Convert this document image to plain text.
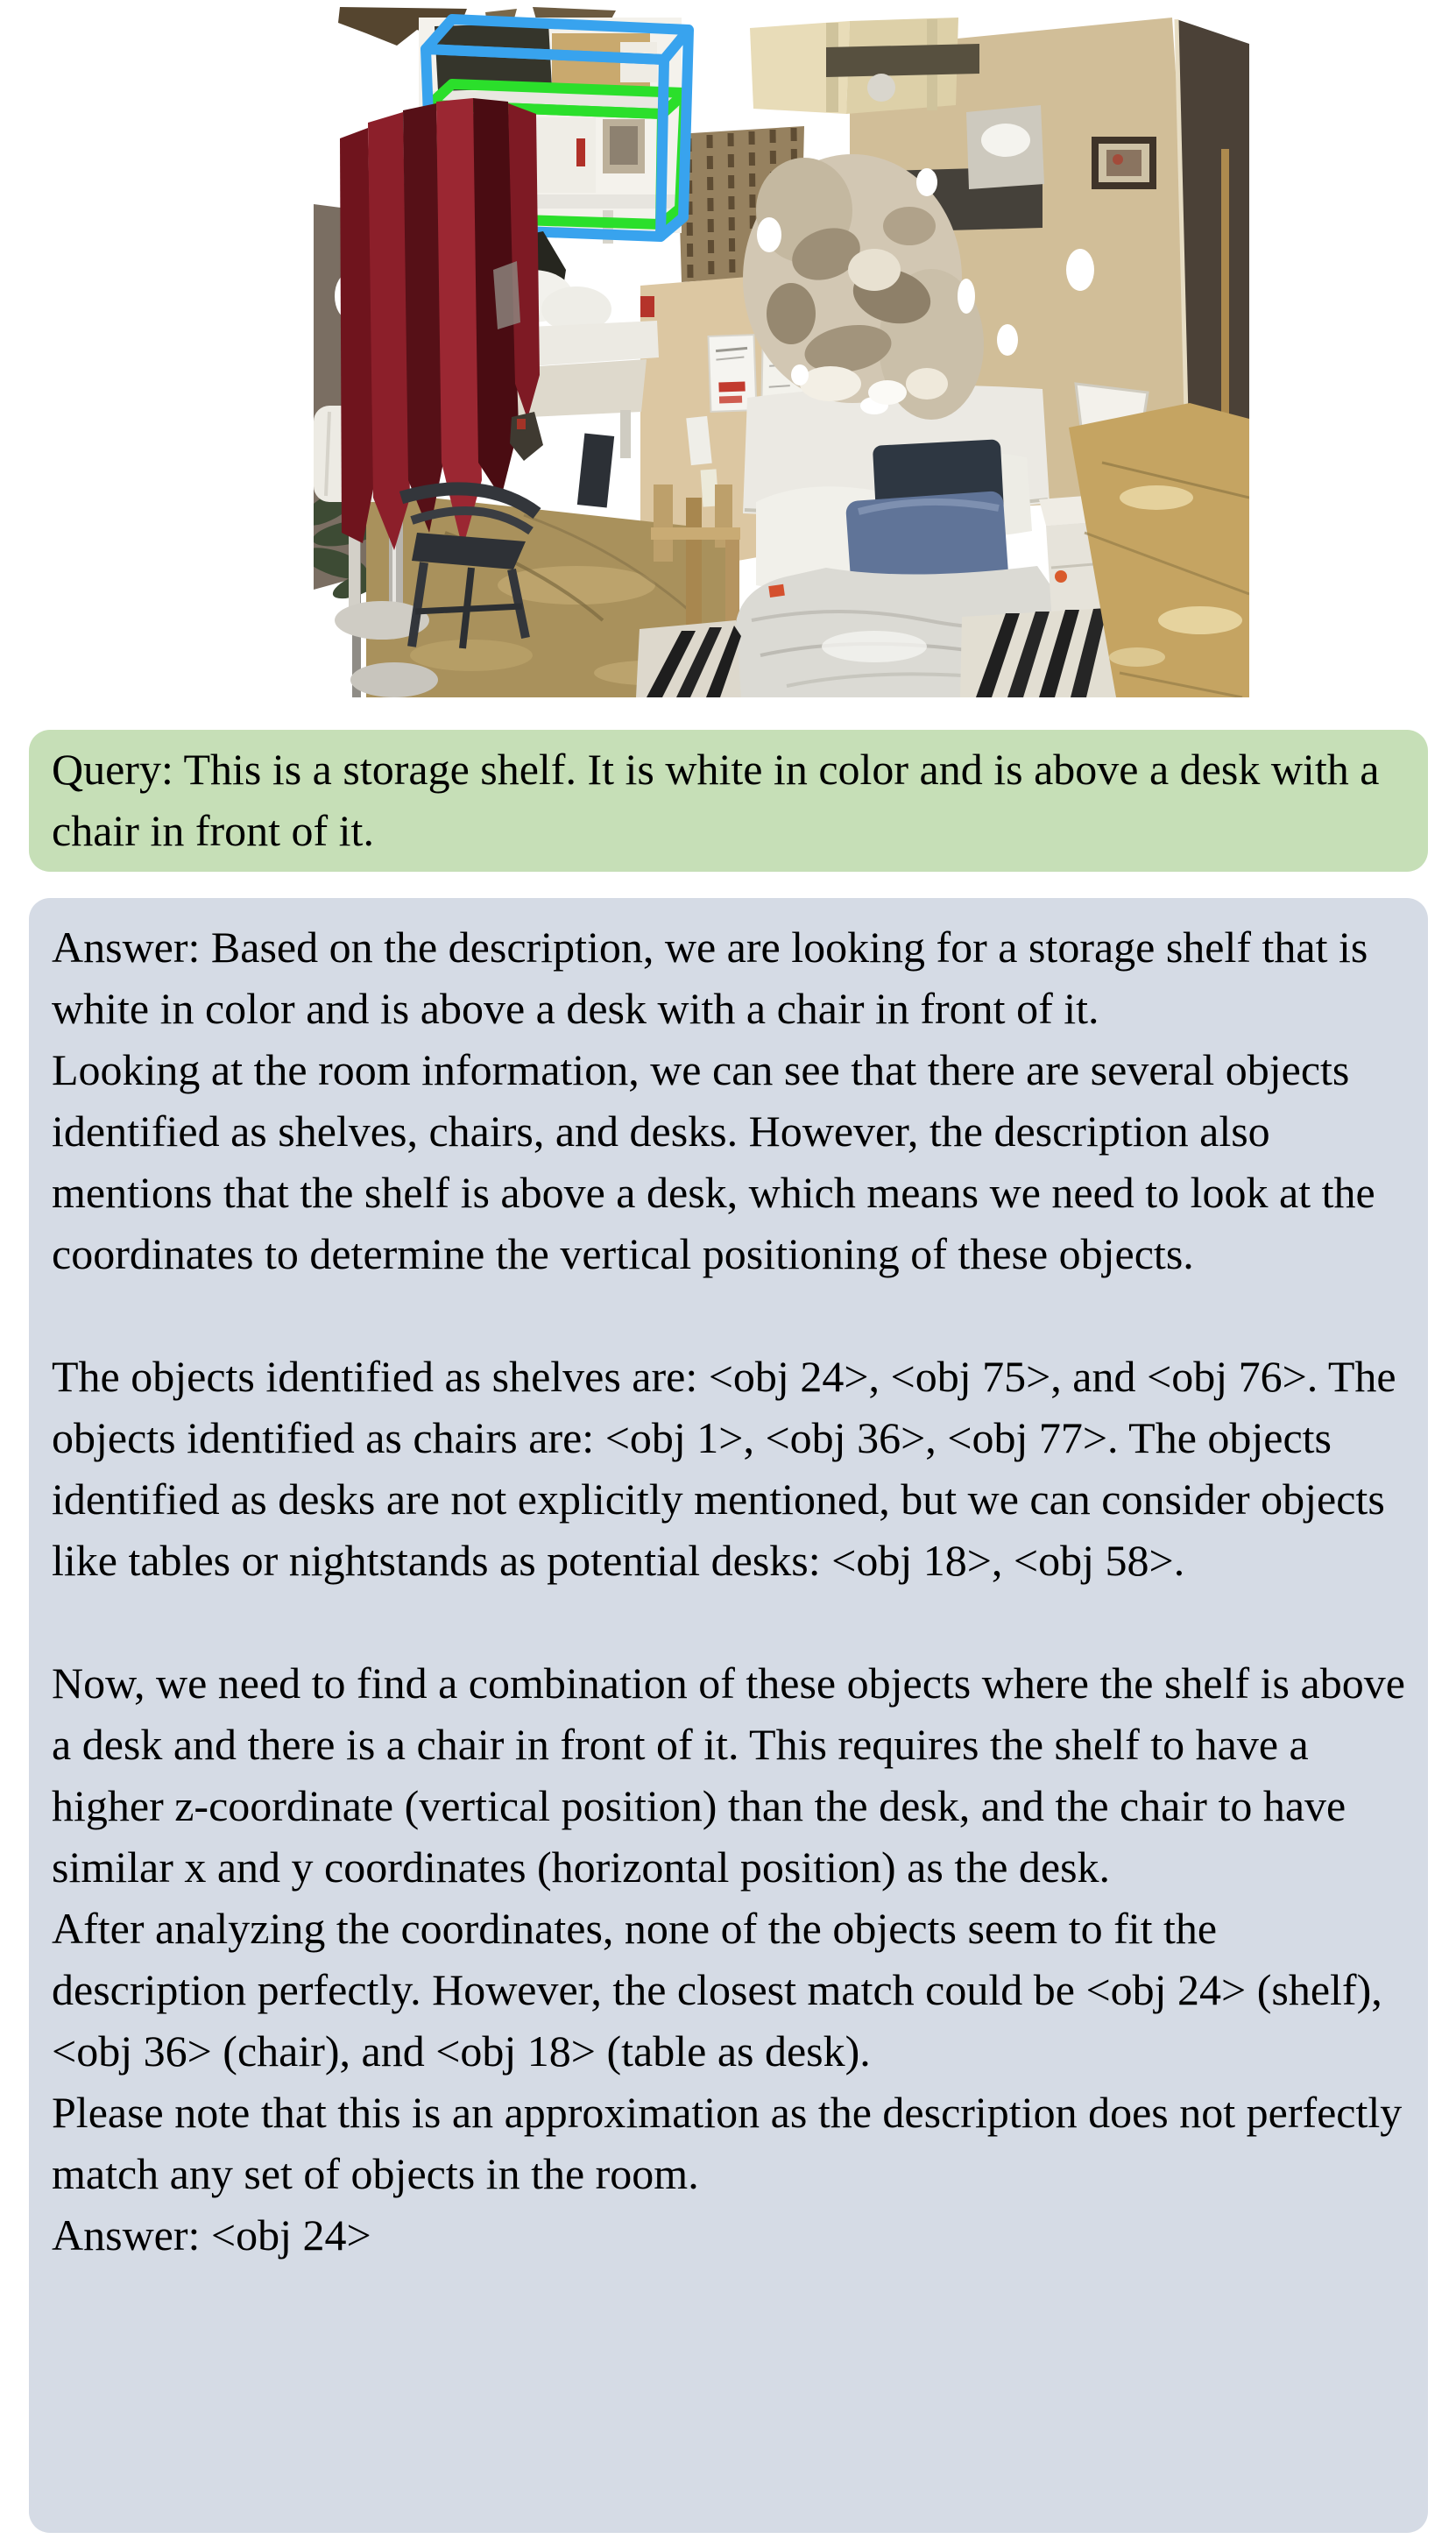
Query: This is a storage shelf. It is white in color and is above a desk with a chair in front of it.

Answer: Based on the description, we are looking for a storage shelf that is white in color and is above a desk with a chair in front of it.

Looking at the room information, we can see that there are several objects identified as shelves, chairs, and desks. However, the description also mentions that the shelf is above a desk, which means we need to look at the coordinates to determine the vertical positioning of these objects.

The objects identified as shelves are: <obj 24>, <obj 75>, and <obj 76>. The objects identified as chairs are: <obj 1>, <obj 36>, <obj 77>. The objects identified as desks are not explicitly mentioned, but we can consider objects like tables or nightstands as potential desks: <obj 18>, <obj 58>.

Now, we need to find a combination of these objects where the shelf is above a desk and there is a chair in front of it. This requires the shelf to have a higher z-coordinate (vertical position) than the desk, and the chair to have similar x and y coordinates (horizontal position) as the desk.

After analyzing the coordinates, none of the objects seem to fit the description perfectly. However, the closest match could be <obj 24> (shelf), <obj 36> (chair), and <obj 18> (table as desk).

Please note that this is an approximation as the description does not perfectly match any set of objects in the room.

Answer: <obj 24>
